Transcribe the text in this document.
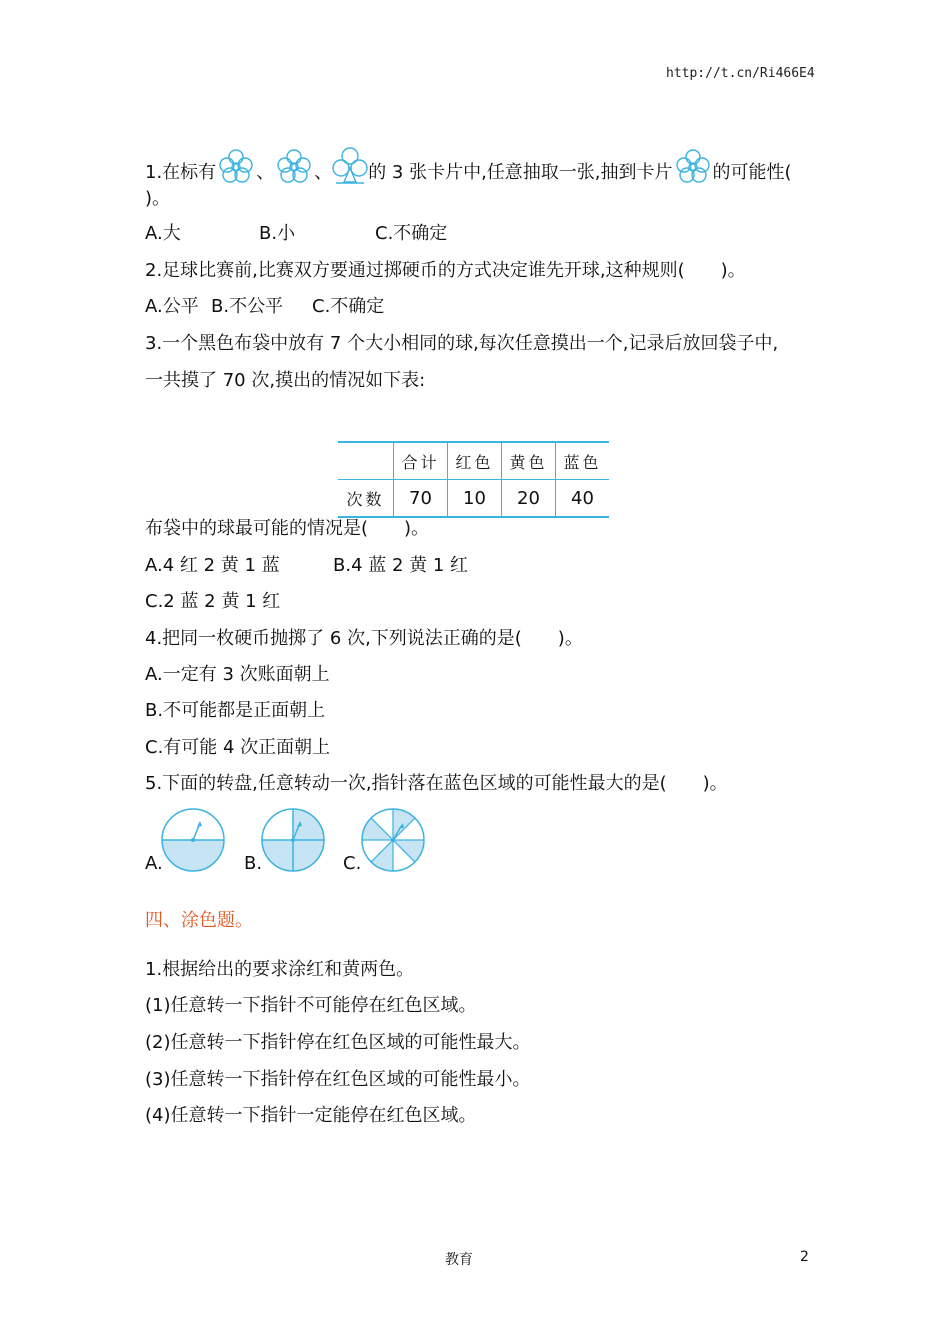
http://t.cn/Ri466E4
1.在标有 、 、 的 3 张卡片中,任意抽取一张,抽到卡片 的可能性(
)。
A.大	B.小	C.不确定
2.足球比赛前,比赛双方要通过掷硬币的方式决定谁先开球,这种规则(　　)。
A.公平 B.不公平 C.不确定
3.一个黑色布袋中放有 7 个大小相同的球,每次任意摸出一个,记录后放回袋子中,
一共摸了 70 次,摸出的情况如下表:
	合计	红色	黄色	蓝色
次数	70	10	20	40
布袋中的球最可能的情况是(　　)。
A.4 红 2 黄 1 蓝	B.4 蓝 2 黄 1 红
C.2 蓝 2 黄 1 红
4.把同一枚硬币抛掷了 6 次,下列说法正确的是(　　)。
A.一定有 3 次账面朝上
B.不可能都是正面朝上
C.有可能 4 次正面朝上
5.下面的转盘,任意转动一次,指针落在蓝色区域的可能性最大的是(　　)。
A.	B.	C.
四、涂色题。
1.根据给出的要求涂红和黄两色。
(1)任意转一下指针不可能停在红色区域。
(2)任意转一下指针停在红色区域的可能性最大。
(3)任意转一下指针停在红色区域的可能性最小。
(4)任意转一下指针一定能停在红色区域。
教育	2
